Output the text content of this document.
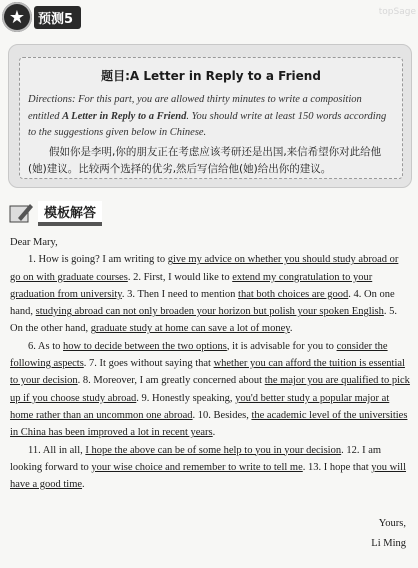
★ 预测5	topSage
题目:A Letter in Reply to a Friend
Directions: For this part, you are allowed thirty minutes to write a composition entitled A Letter in Reply to a Friend. You should write at least 150 words according to the suggestions given below in Chinese.
假如你是李明,你的朋友正在考虑应该考研还是出国,来信希望你对此给他(她)建议。比较两个选择的优劣,然后写信给他(她)给出你的建议。
模板解答

Dear Mary,

1. How is going? I am writing to give my advice on whether you should study abroad or go on with graduate courses. 2. First, I would like to extend my congratulation to your graduation from university. 3. Then I need to mention that both choices are good. 4. On one hand, studying abroad can not only broaden your horizon but polish your spoken English. 5. On the other hand, graduate study at home can save a lot of money.

6. As to how to decide between the two options, it is advisable for you to consider the following aspects. 7. It goes without saying that whether you can afford the tuition is essential to your decision. 8. Moreover, I am greatly concerned about the major you are qualified to pick up if you choose study abroad. 9. Honestly speaking, you'd better study a popular major at home rather than an uncommon one abroad. 10. Besides, the academic level of the universities in China has been improved a lot in recent years.

11. All in all, I hope the above can be of some help to you in your decision. 12. I am looking forward to your wise choice and remember to write to tell me. 13. I hope that you will have a good time.

Yours,
Li Ming
